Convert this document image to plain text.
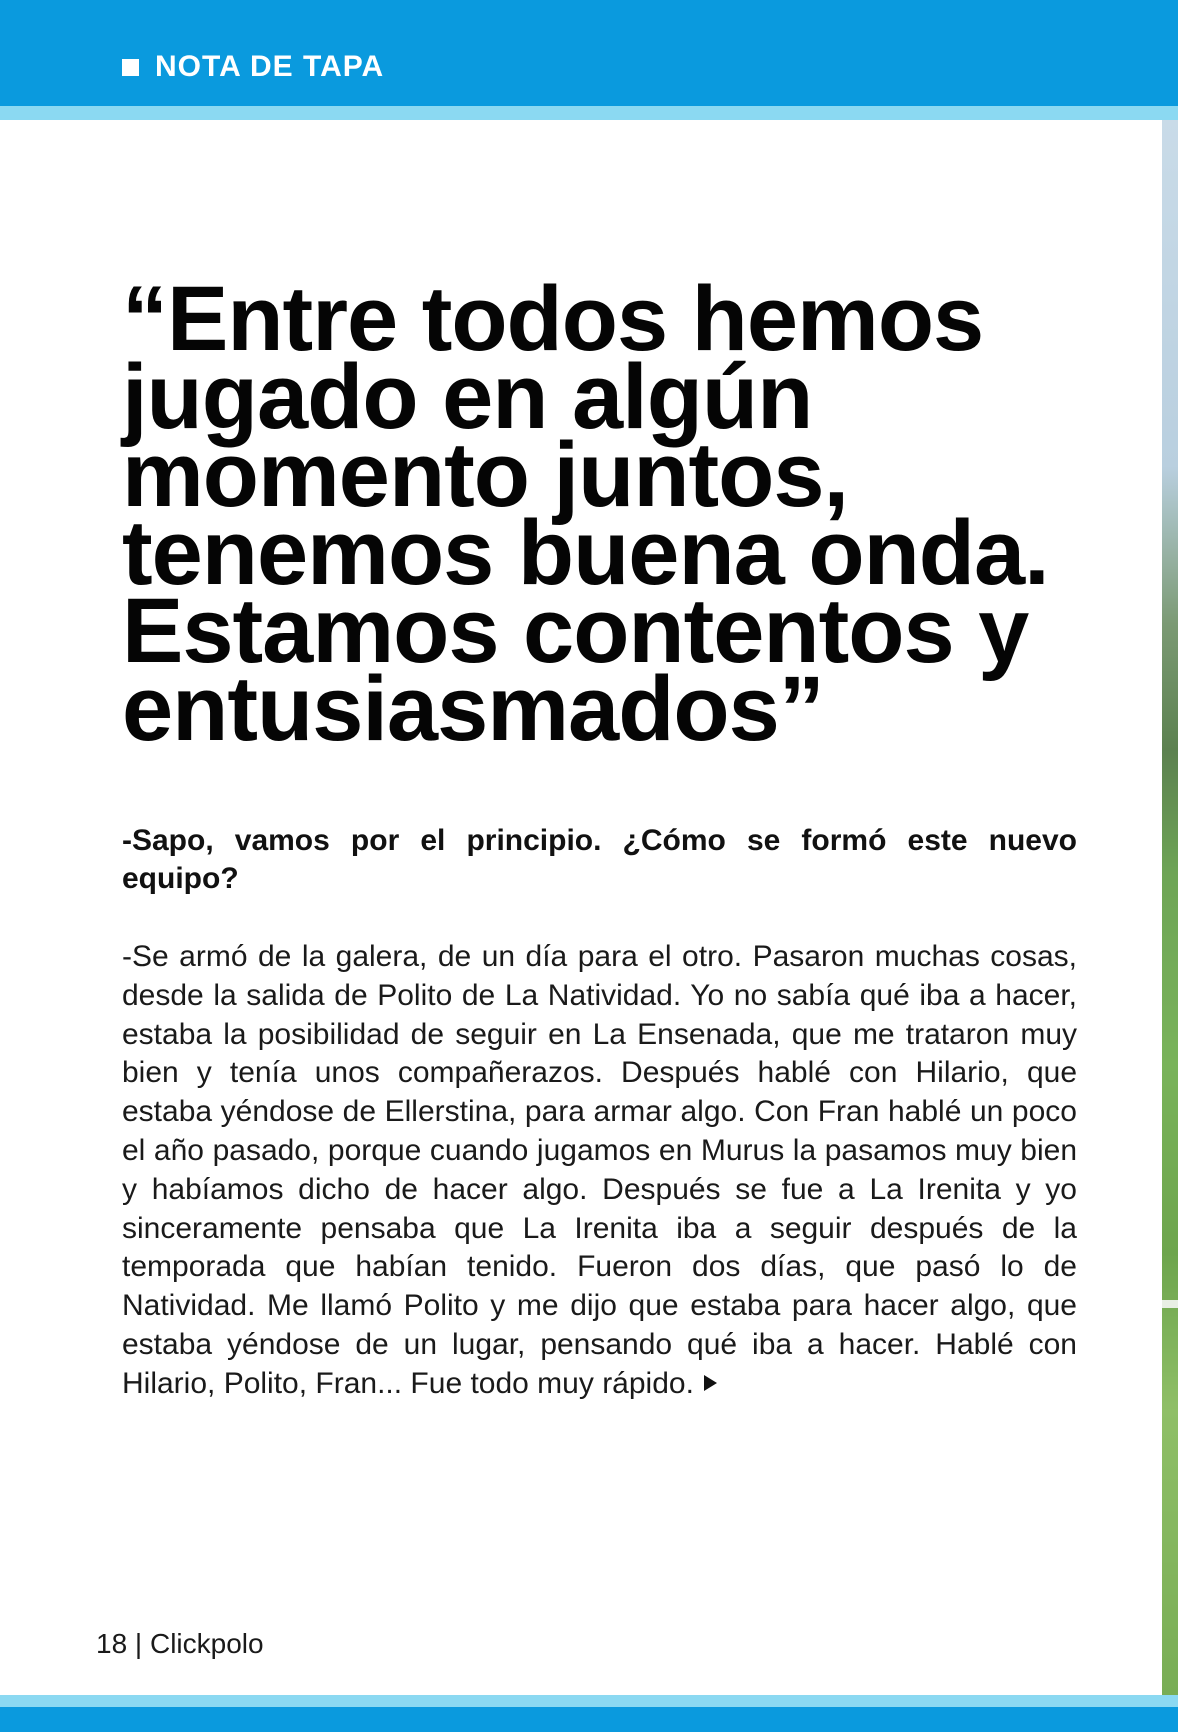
NOTA DE TAPA
“Entre todos hemos jugado en algún momento juntos, tenemos buena onda. Estamos contentos y entusiasmados”

-Sapo, vamos por el principio. ¿Cómo se formó este nuevo equipo?

-Se armó de la galera, de un día para el otro. Pasaron muchas cosas, desde la salida de Polito de La Natividad. Yo no sabía qué iba a hacer, estaba la posibilidad de seguir en La Ensenada, que me trataron muy bien y tenía unos compañerazos. Después hablé con Hilario, que estaba yéndose de Ellerstina, para armar algo. Con Fran hablé un poco el año pasado, porque cuando jugamos en Murus la pasamos muy bien y habíamos dicho de hacer algo. Después se fue a La Irenita y yo sinceramente pensaba que La Irenita iba a seguir después de la temporada que habían tenido. Fueron dos días, que pasó lo de Natividad. Me llamó Polito y me dijo que estaba para hacer algo, que estaba yéndose de un lugar, pensando qué iba a hacer. Hablé con Hilario, Polito, Fran... Fue todo muy rápido.

18 | Clickpolo
